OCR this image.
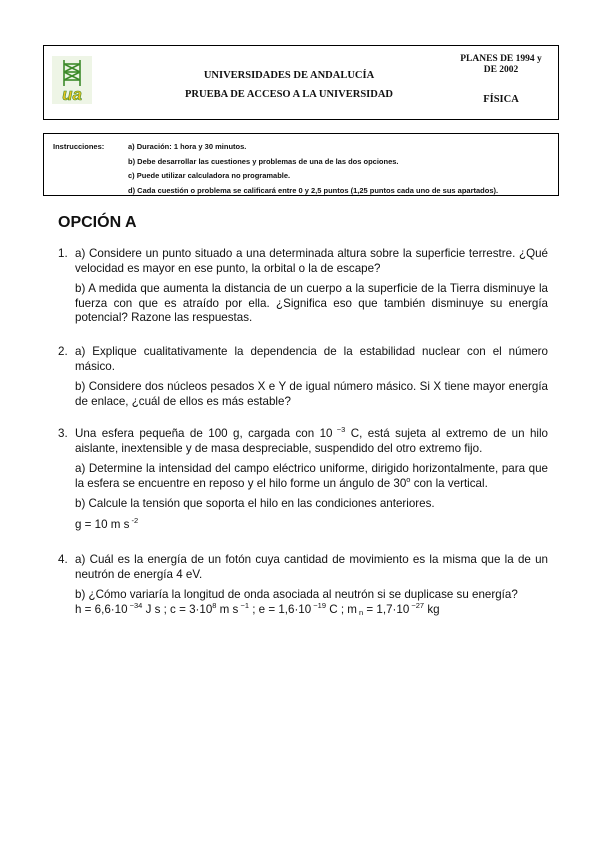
ua
UNIVERSIDADES DE ANDALUCÍA
PRUEBA DE ACCESO A LA UNIVERSIDAD
PLANES DE 1994 y
DE 2002
FÍSICA
Instrucciones:	a) Duración: 1 hora y 30 minutos.
b) Debe desarrollar las cuestiones y problemas de una de las dos opciones.
c) Puede utilizar calculadora no programable.
d) Cada cuestión o problema se calificará entre 0 y 2,5 puntos (1,25 puntos cada uno de sus apartados).
OPCIÓN A
1. a) Considere un punto situado a una determinada altura sobre la superficie terrestre. ¿Qué velocidad es mayor en ese punto, la orbital o la de escape?

b) A medida que aumenta la distancia de un cuerpo a la superficie de la Tierra disminuye la fuerza con que es atraído por ella. ¿Significa eso que también disminuye su energía potencial? Razone las respuestas.

2. a) Explique cualitativamente la dependencia de la estabilidad nuclear con el número másico.

b) Considere dos núcleos pesados X e Y de igual número másico. Si X tiene mayor energía de enlace, ¿cuál de ellos es más estable?

3. Una esfera pequeña de 100 g, cargada con 10 $^{-3}$ C, está sujeta al extremo de un hilo aislante, inextensible y de masa despreciable, suspendido del otro extremo fijo.

a) Determine la intensidad del campo eléctrico uniforme, dirigido horizontalmente, para que la esfera se encuentre en reposo y el hilo forme un ángulo de 30$^o$ con la vertical.

b) Calcule la tensión que soporta el hilo en las condiciones anteriores.

g = 10 m s $^{-2}$

4. a) Cuál es la energía de un fotón cuya cantidad de movimiento es la misma que la de un neutrón de energía 4 eV.

b) ¿Cómo variaría la longitud de onda asociada al neutrón si se duplicase su energía?

h = 6,6·10 $^{-34}$ J s ; $c = 3\cdot 10^8$ m s $^{-1}$ ; e = 1,6·10 $^{-19}$ C ; m $_n$ = 1,7·10 $^{-27}$ kg
